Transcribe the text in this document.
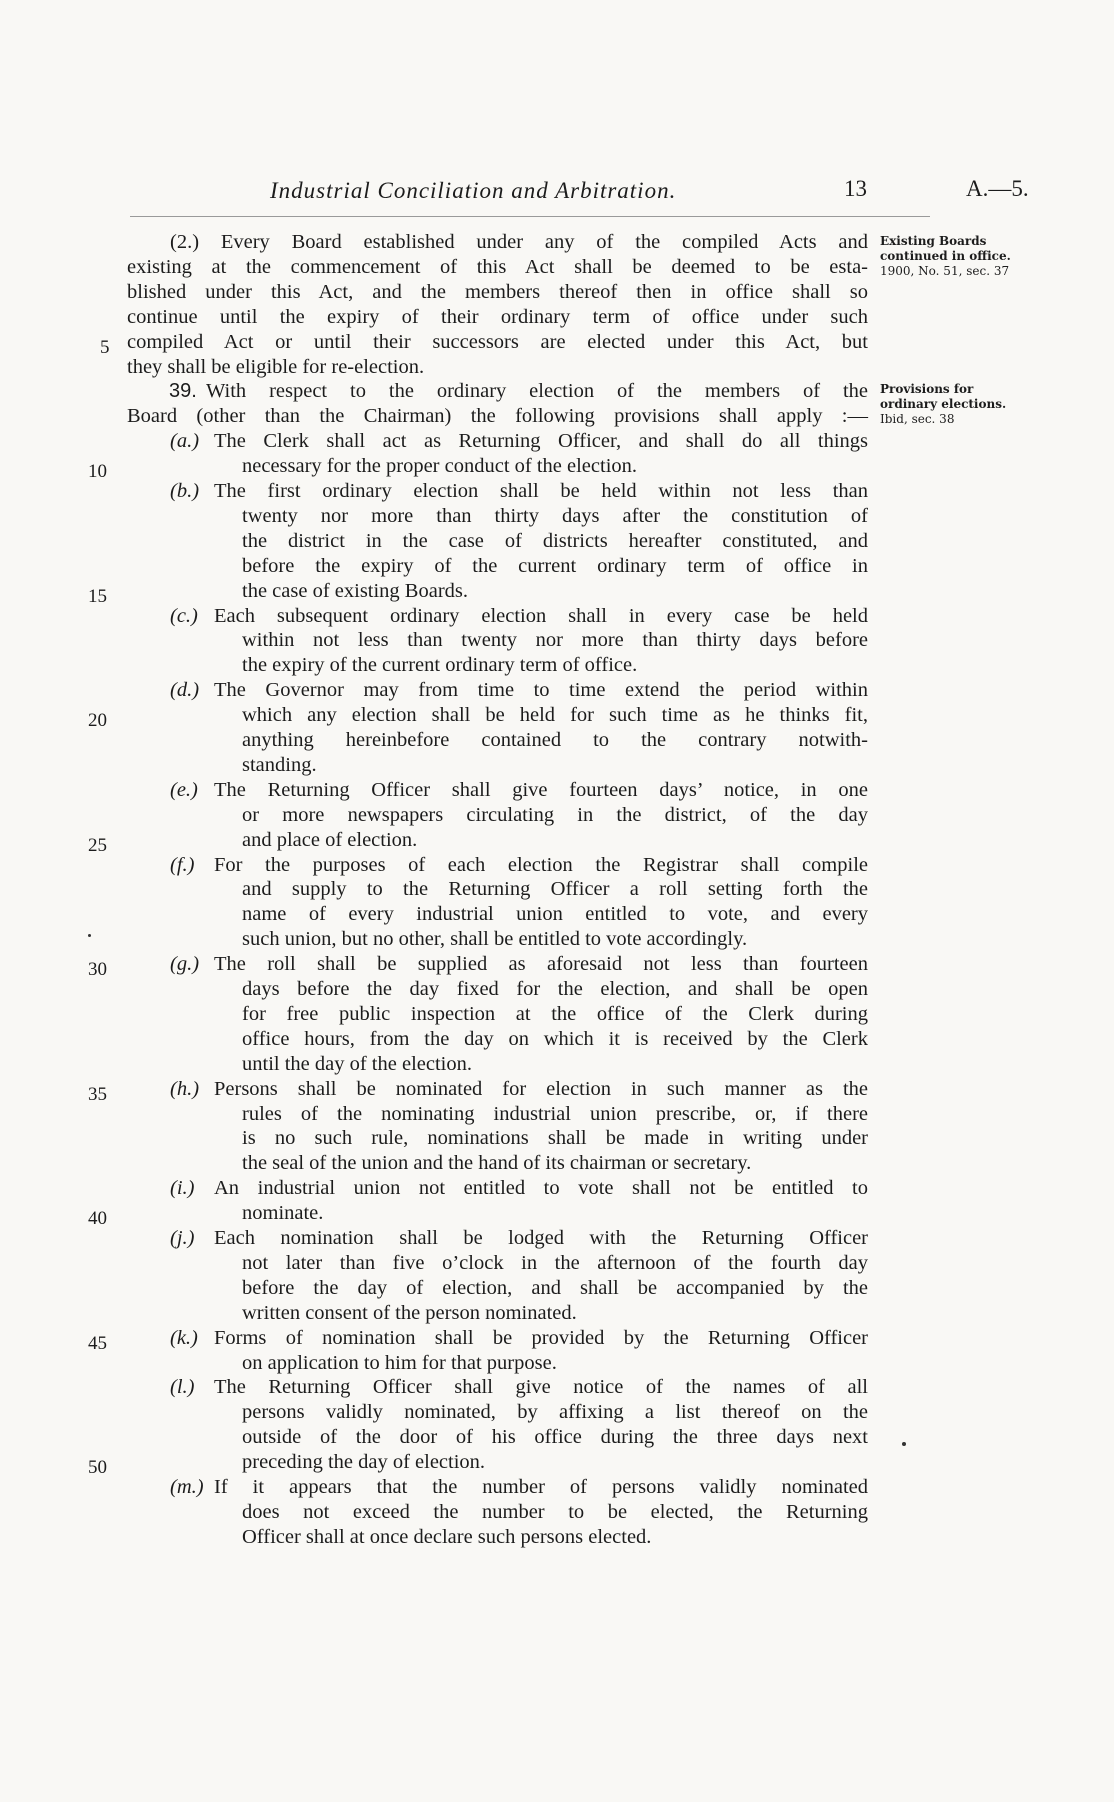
Industrial Conciliation and Arbitration.	13	A.—5.
(2.) Every Board established under any of the compiled Acts and
existing at the commencement of this Act shall be deemed to be esta-
blished under this Act, and the members thereof then in office shall so
continue until the expiry of their ordinary term of office under such
compiled Act or until their successors are elected under this Act, but
they shall be eligible for re-election.
39. With respect to the ordinary election of the members of the
Board (other than the Chairman) the following provisions shall apply :—
(a.) The Clerk shall act as Returning Officer, and shall do all things
necessary for the proper conduct of the election.
(b.) The first ordinary election shall be held within not less than
twenty nor more than thirty days after the constitution of
the district in the case of districts hereafter constituted, and
before the expiry of the current ordinary term of office in
the case of existing Boards.
(c.) Each subsequent ordinary election shall in every case be held
within not less than twenty nor more than thirty days before
the expiry of the current ordinary term of office.
(d.) The Governor may from time to time extend the period within
which any election shall be held for such time as he thinks fit,
anything hereinbefore contained to the contrary notwith-
standing.
(e.) The Returning Officer shall give fourteen days’ notice, in one
or more newspapers circulating in the district, of the day
and place of election.
(f.) For the purposes of each election the Registrar shall compile
and supply to the Returning Officer a roll setting forth the
name of every industrial union entitled to vote, and every
such union, but no other, shall be entitled to vote accordingly.
(g.) The roll shall be supplied as aforesaid not less than fourteen
days before the day fixed for the election, and shall be open
for free public inspection at the office of the Clerk during
office hours, from the day on which it is received by the Clerk
until the day of the election.
(h.) Persons shall be nominated for election in such manner as the
rules of the nominating industrial union prescribe, or, if there
is no such rule, nominations shall be made in writing under
the seal of the union and the hand of its chairman or secretary.
(i.) An industrial union not entitled to vote shall not be entitled to
nominate.
(j.) Each nomination shall be lodged with the Returning Officer
not later than five o’clock in the afternoon of the fourth day
before the day of election, and shall be accompanied by the
written consent of the person nominated.
(k.) Forms of nomination shall be provided by the Returning Officer
on application to him for that purpose.
(l.) The Returning Officer shall give notice of the names of all
persons validly nominated, by affixing a list thereof on the
outside of the door of his office during the three days next
preceding the day of election.
(m.) If it appears that the number of persons validly nominated
does not exceed the number to be elected, the Returning
Officer shall at once declare such persons elected.
5
10
15
20
25
30
35
40
45
50
Existing Boards
continued in office.
1900, No. 51, sec. 37
Provisions for
ordinary elections.
Ibid, sec. 38
